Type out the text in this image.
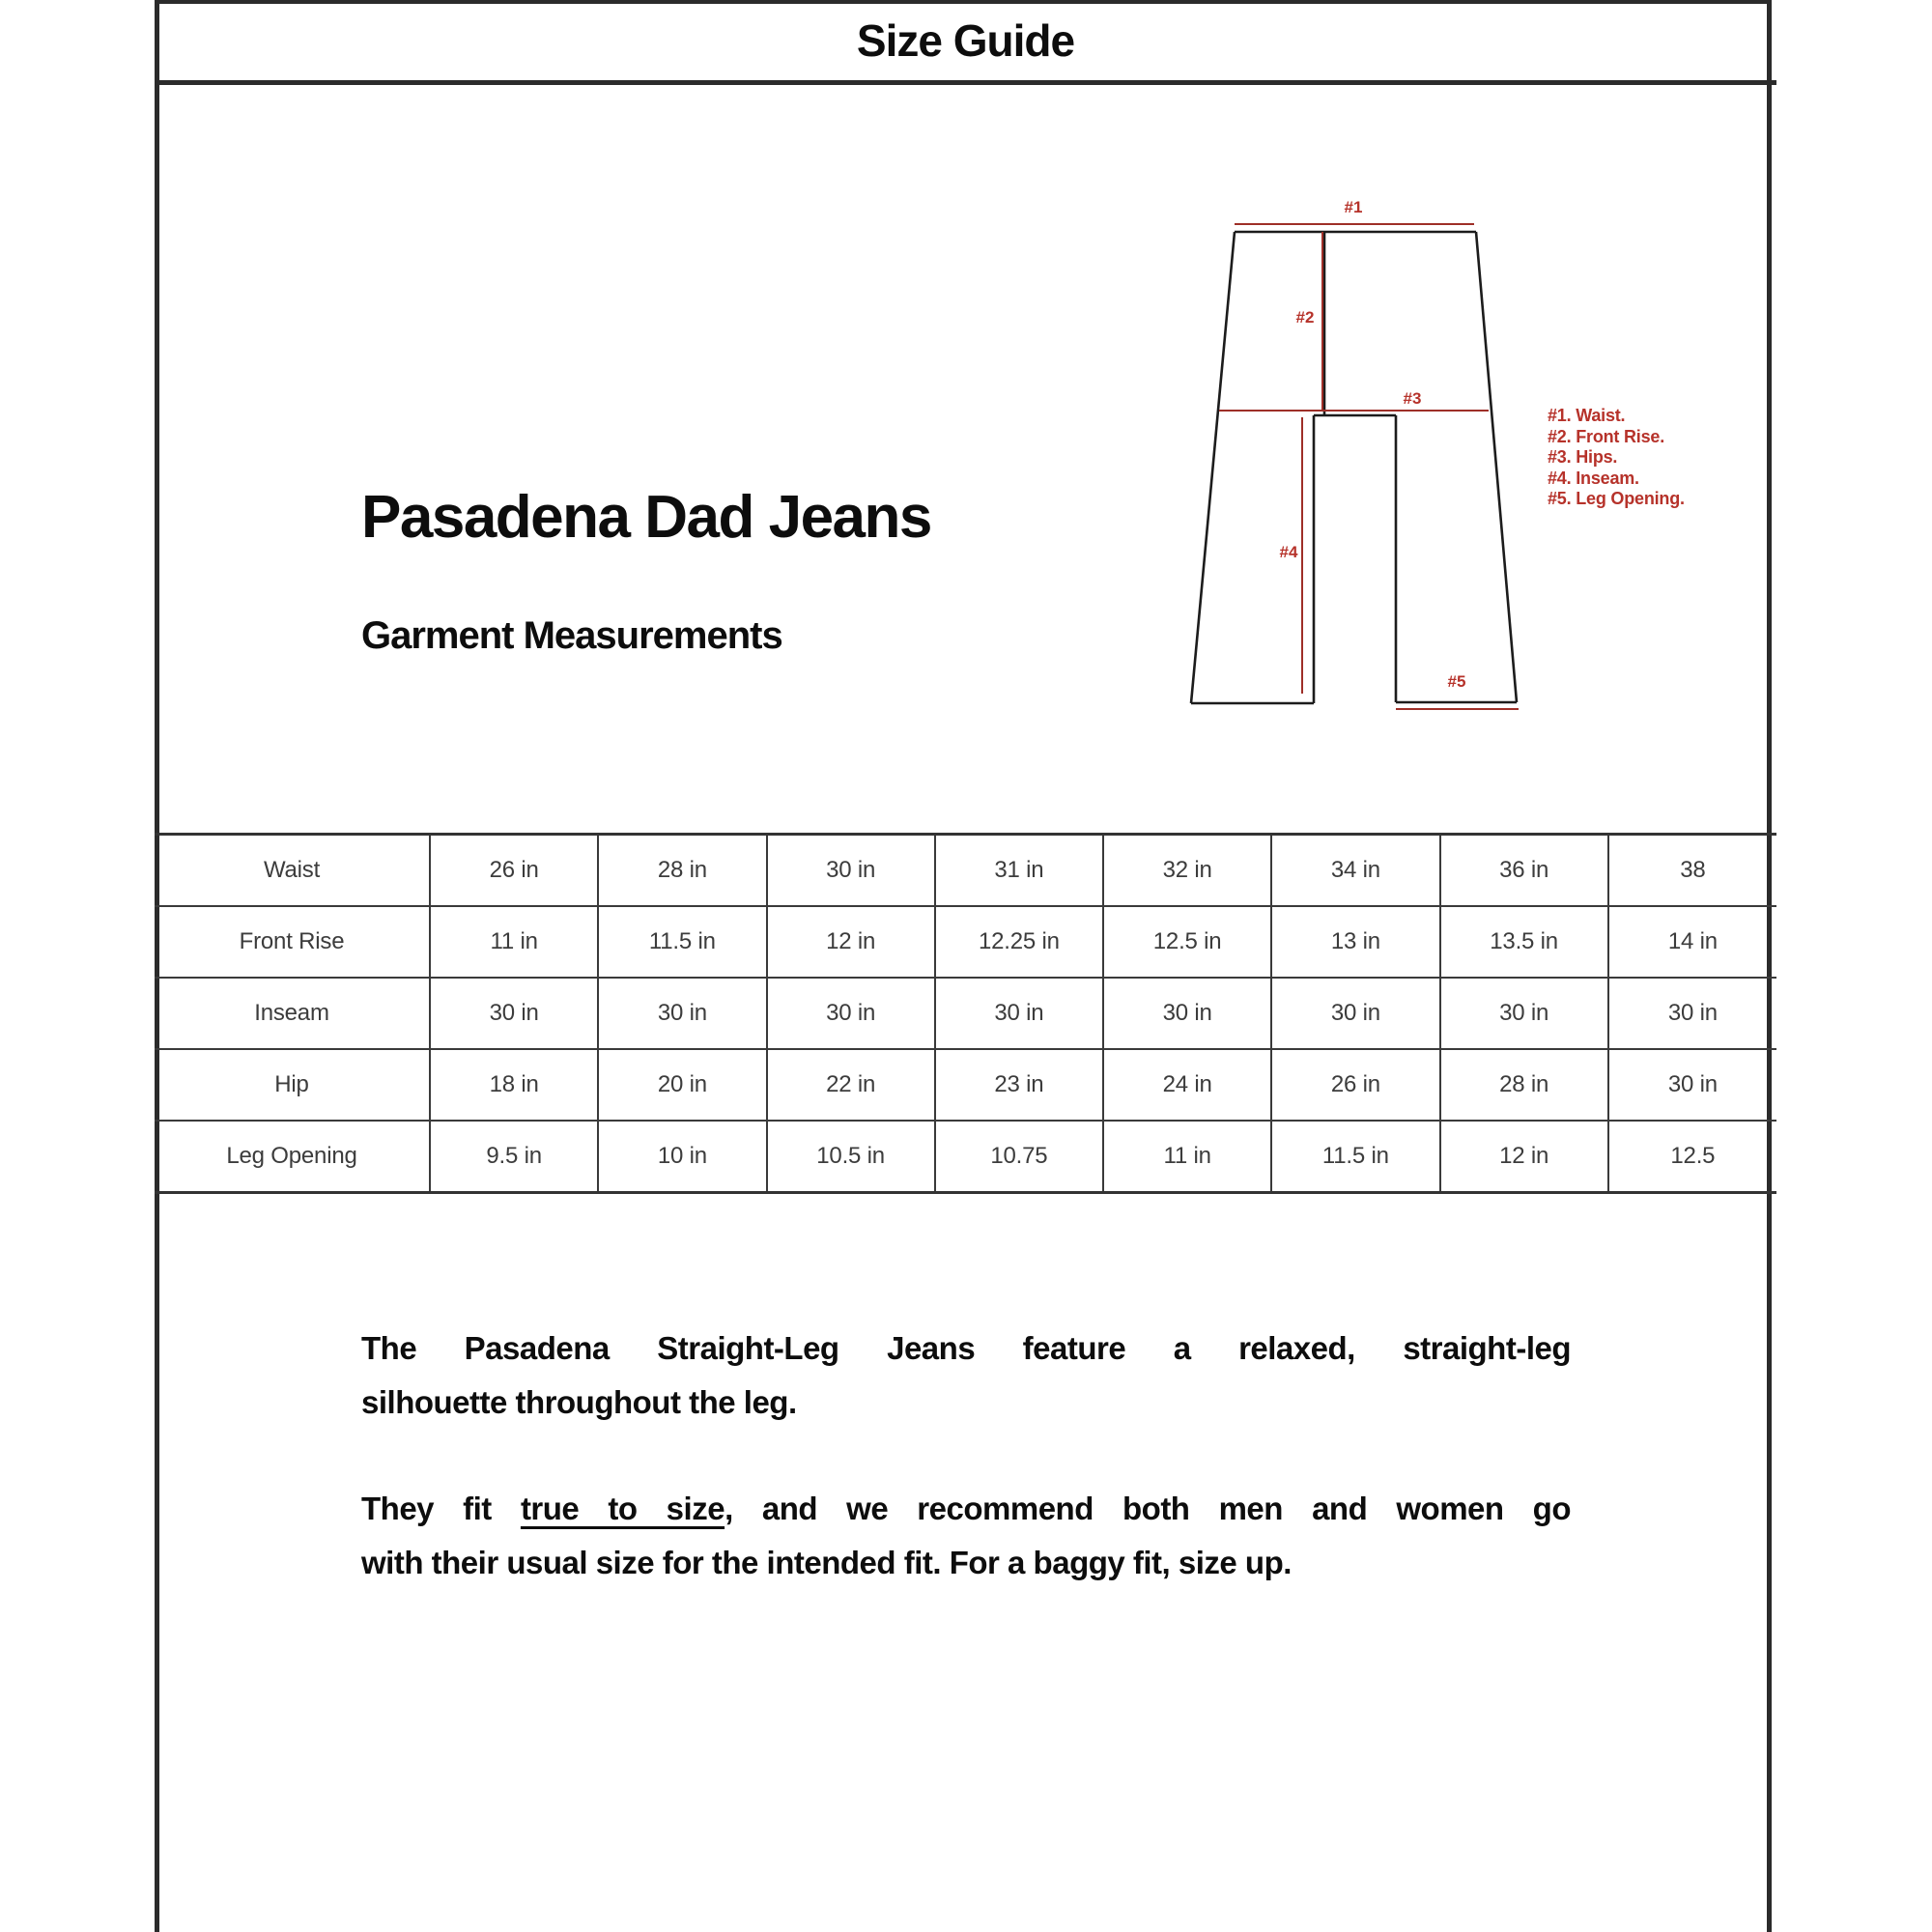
Size Guide
Pasadena Dad Jeans
Garment Measurements
#1
#2
#3
#4
#5
#1. Waist.
#2. Front Rise.
#3. Hips.
#4. Inseam.
#5. Leg Opening.
Waist	26 in	28 in	30 in	31 in	32 in	34 in	36 in	38
Front Rise	11 in	11.5 in	12 in	12.25 in	12.5 in	13 in	13.5 in	14 in
Inseam	30 in	30 in	30 in	30 in	30 in	30 in	30 in	30 in
Hip	18 in	20 in	22 in	23 in	24 in	26 in	28 in	30 in
Leg Opening	9.5 in	10 in	10.5 in	10.75	11 in	11.5 in	12 in	12.5
The Pasadena Straight-Leg Jeans feature a relaxed, straight-leg
silhouette throughout the leg.
They fit true to size, and we recommend both men and women go
with their usual size for the intended fit. For a baggy fit, size up.
